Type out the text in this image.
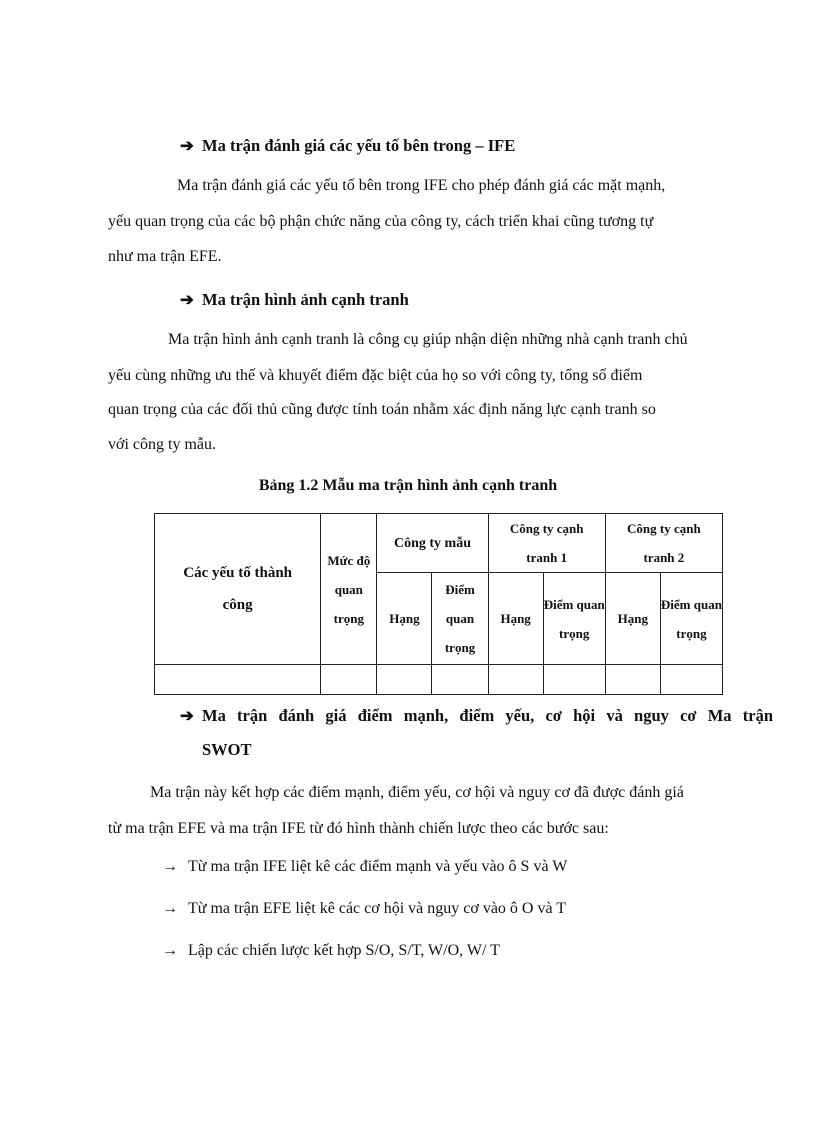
➔ Ma trận đánh giá các yếu tố bên trong – IFE
Ma trận đánh giá các yếu tố bên trong IFE cho phép đánh giá các mặt mạnh,
yếu quan trọng của các bộ phận chức năng của công ty, cách triển khai cũng tương tự
như ma trận EFE.
➔ Ma trận hình ảnh cạnh tranh
Ma trận hình ảnh cạnh tranh là công cụ giúp nhận diện những nhà cạnh tranh chủ
yếu cùng những ưu thế và khuyết điểm đặc biệt của họ so với công ty, tổng số điểm
quan trọng của các đối thủ cũng được tính toán nhằm xác định năng lực cạnh tranh so
với công ty mẫu.
Bảng 1.2 Mẫu ma trận hình ảnh cạnh tranh
Các yếu tố thành công	Mức độ quan trọng	Công ty mẫu		Công ty cạnh tranh 1		Công ty cạnh tranh 2	
		Hạng	Điểm quan trọng	Hạng	Điểm quan trọng	Hạng	Điểm quan trọng

➔ Ma trận đánh giá điểm mạnh, điểm yếu, cơ hội và nguy cơ Ma trận
SWOT
Ma trận này kết hợp các điểm mạnh, điểm yếu, cơ hội và nguy cơ đã được đánh giá
từ ma trận EFE và ma trận IFE từ đó hình thành chiến lược theo các bước sau:
→ Từ ma trận IFE liệt kê các điểm mạnh và yếu vào ô S và W
→ Từ ma trận EFE liệt kê các cơ hội và nguy cơ vào ô O và T
→ Lập các chiến lược kết hợp S/O, S/T, W/O, W/ T
